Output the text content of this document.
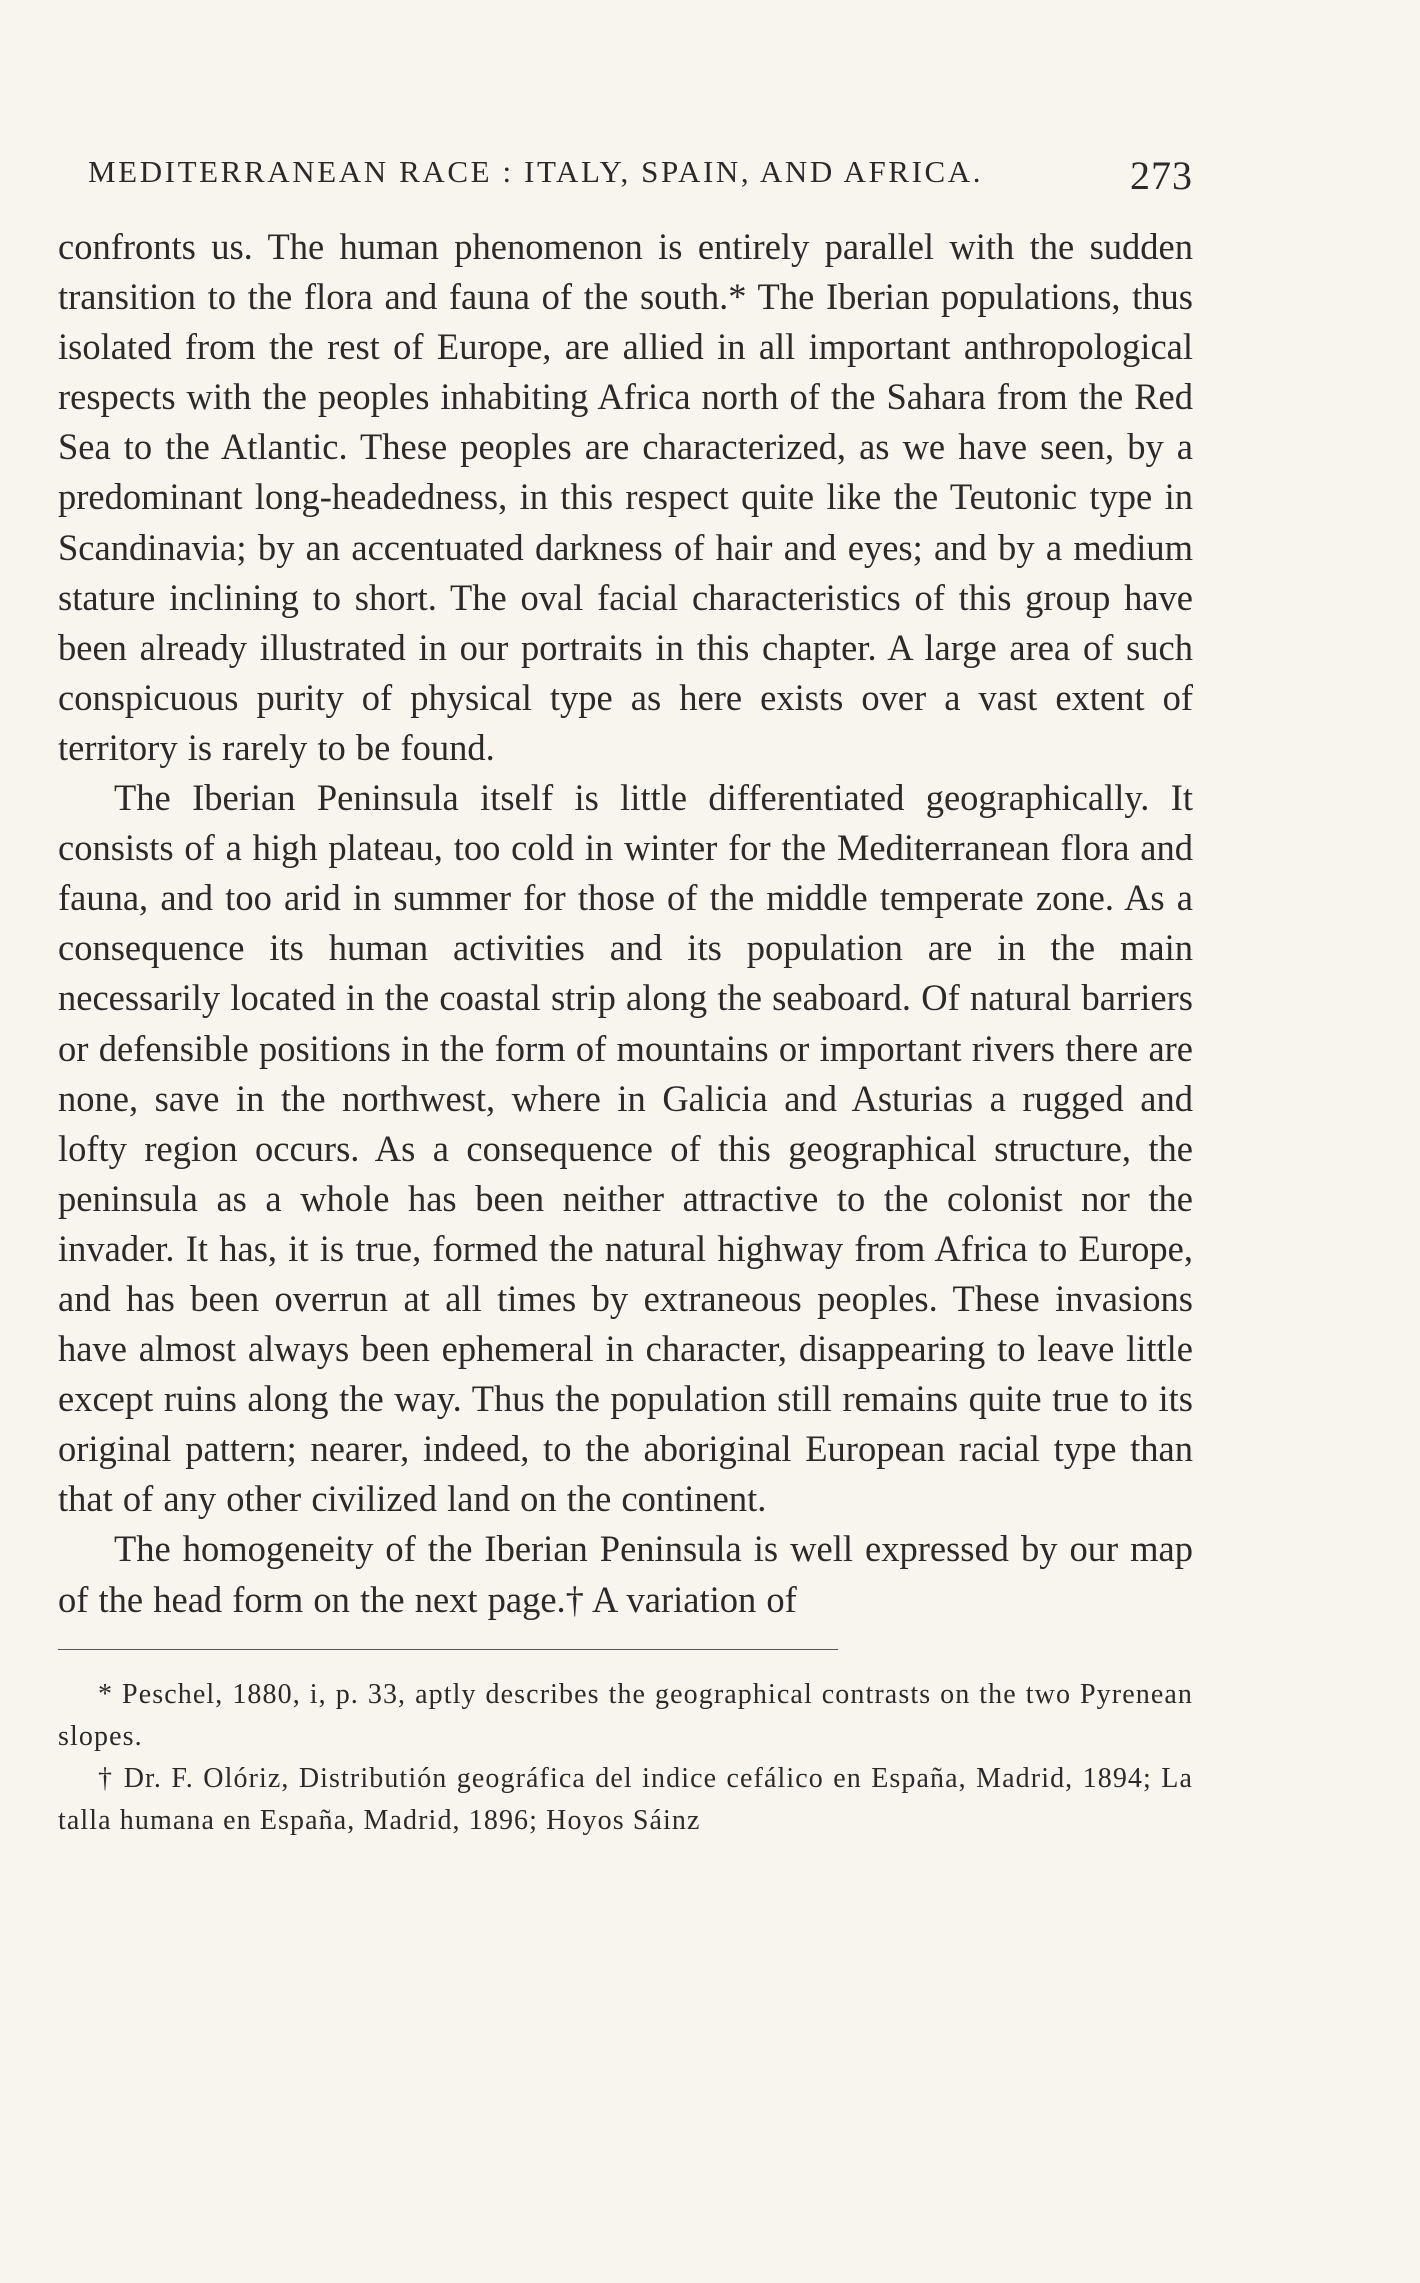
MEDITERRANEAN RACE : ITALY, SPAIN, AND AFRICA.	273

confronts us. The human phenomenon is entirely parallel with the sudden transition to the flora and fauna of the south.* The Iberian populations, thus isolated from the rest of Europe, are allied in all important anthropological respects with the peoples inhabiting Africa north of the Sahara from the Red Sea to the Atlantic. These peoples are characterized, as we have seen, by a predominant long-headedness, in this respect quite like the Teutonic type in Scandinavia; by an accentuated darkness of hair and eyes; and by a medium stature inclining to short. The oval facial characteristics of this group have been already illustrated in our portraits in this chapter. A large area of such conspicuous purity of physical type as here exists over a vast extent of territory is rarely to be found.

The Iberian Peninsula itself is little differentiated geographically. It consists of a high plateau, too cold in winter for the Mediterranean flora and fauna, and too arid in summer for those of the middle temperate zone. As a consequence its human activities and its population are in the main necessarily located in the coastal strip along the seaboard. Of natural barriers or defensible positions in the form of mountains or important rivers there are none, save in the northwest, where in Galicia and Asturias a rugged and lofty region occurs. As a consequence of this geographical structure, the peninsula as a whole has been neither attractive to the colonist nor the invader. It has, it is true, formed the natural highway from Africa to Europe, and has been overrun at all times by extraneous peoples. These invasions have almost always been ephemeral in character, disappearing to leave little except ruins along the way. Thus the population still remains quite true to its original pattern; nearer, indeed, to the aboriginal European racial type than that of any other civilized land on the continent.

The homogeneity of the Iberian Peninsula is well expressed by our map of the head form on the next page.† A variation of

* Peschel, 1880, i, p. 33, aptly describes the geographical contrasts on the two Pyrenean slopes.

† Dr. F. Olóriz, Distributión geográfica del indice cefálico en España, Madrid, 1894; La talla humana en España, Madrid, 1896; Hoyos Sáinz
